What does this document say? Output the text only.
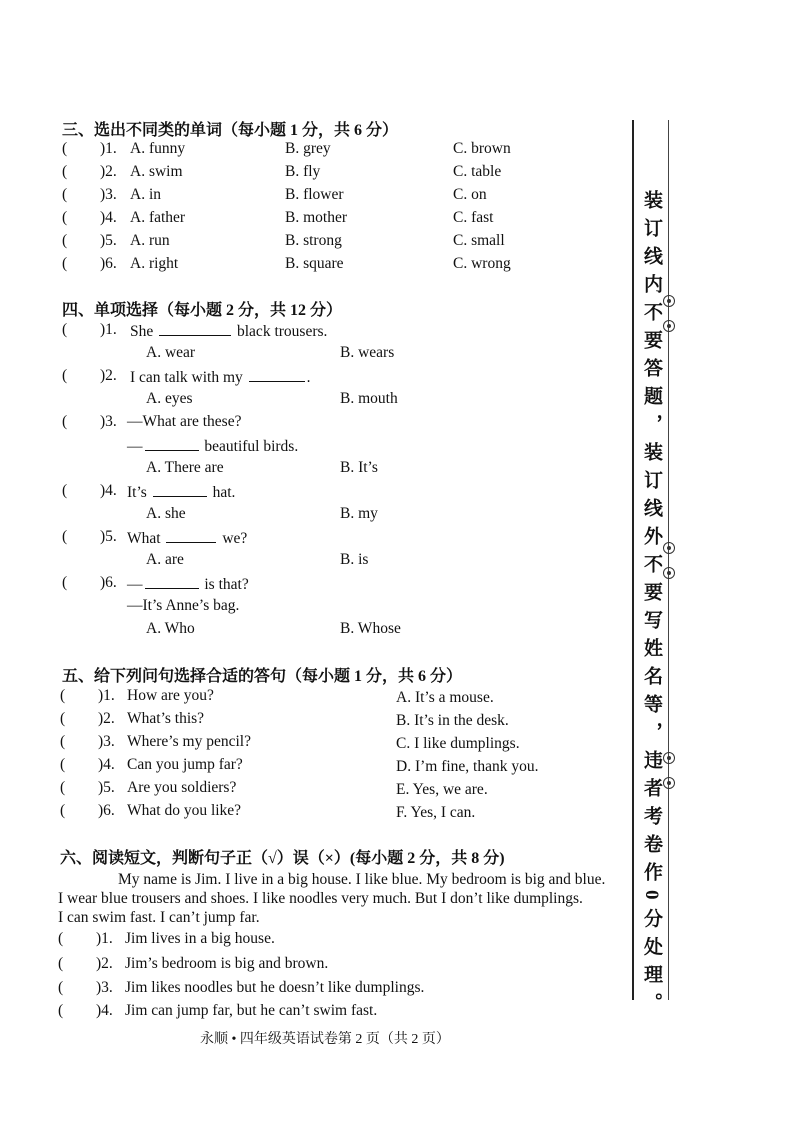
三、选出不同类的单词（每小题 1 分，共 6 分）
( )1. A. funny	B. grey	C. brown
( )2. A. swim	B. fly	C. table
( )3. A. in	B. flower	C. on
( )4. A. father	B. mother	C. fast
( )5. A. run	B. strong	C. small
( )6. A. right	B. square	C. wrong
四、单项选择（每小题 2 分，共 12 分）
( )1. She	black trousers.
A. wear	B. wears
( )2. I can talk with my	.
A. eyes	B. mouth
( )3. —What are these?
—	beautiful birds.
A. There are	B. It’s
( )4. It’s	hat.
A. she	B. my
( )5. What	we?
A. are	B. is
( )6. —	is that?
—It’s Anne’s bag.
A. Who	B. Whose
五、给下列问句选择合适的答句（每小题 1 分，共 6 分）
( )1. How are you?	A. It’s a mouse.
( )2. What’s this?	B. It’s in the desk.
( )3. Where’s my pencil?	C. I like dumplings.
( )4. Can you jump far?	D. I’m fine, thank you.
( )5. Are you soldiers?	E. Yes, we are.
( )6. What do you like?	F. Yes, I can.
六、阅读短文，判断句子正（√）误（×）(每小题 2 分，共 8 分)
My name is Jim. I live in a big house. I like blue. My bedroom is big and blue.
I wear blue trousers and shoes. I like noodles very much. But I don’t like dumplings.
I can swim fast. I can’t jump far.
( )1. Jim lives in a big house.
( )2. Jim’s bedroom is big and brown.
( )3. Jim likes noodles but he doesn’t like dumplings.
( )4. Jim can jump far, but he can’t swim fast.
永顺 • 四年级英语试卷第 2 页（共 2 页）
装订线内不要答题，装订线外不要写姓名等，违者考卷作0分处理。
